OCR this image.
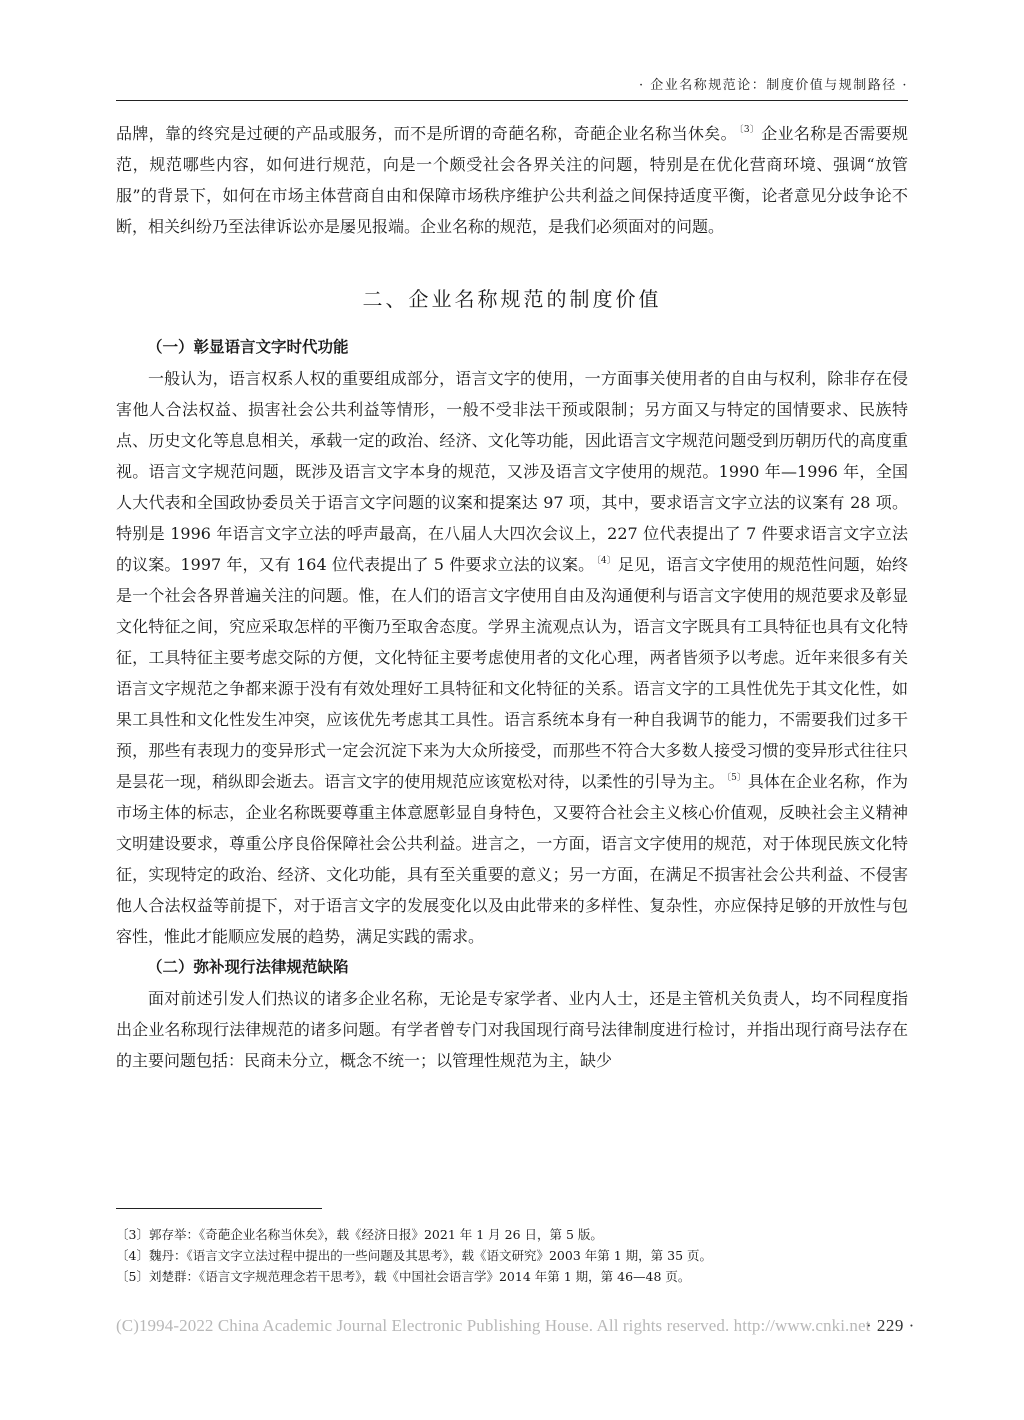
· 企业名称规范论：制度价值与规制路径 ·

品牌，靠的终究是过硬的产品或服务，而不是所谓的奇葩名称，奇葩企业名称当休矣。 $^{〔3〕}$ 企业名称是否需要规范，规范哪些内容，如何进行规范，向是一个颇受社会各界关注的问题，特别是在优化营商环境、强调“放管服”的背景下，如何在市场主体营商自由和保障市场秩序维护公共利益之间保持适度平衡，论者意见分歧争论不断，相关纠纷乃至法律诉讼亦是屡见报端。企业名称的规范，是我们必须面对的问题。

二、企业名称规范的制度价值
（一）彰显语言文字时代功能

一般认为，语言权系人权的重要组成部分，语言文字的使用，一方面事关使用者的自由与权利，除非存在侵害他人合法权益、损害社会公共利益等情形，一般不受非法干预或限制；另方面又与特定的国情要求、民族特点、历史文化等息息相关，承载一定的政治、经济、文化等功能，因此语言文字规范问题受到历朝历代的高度重视。语言文字规范问题，既涉及语言文字本身的规范，又涉及语言文字使用的规范。1990 年—1996 年，全国人大代表和全国政协委员关于语言文字问题的议案和提案达 97 项，其中，要求语言文字立法的议案有 28 项。特别是 1996 年语言文字立法的呼声最高，在八届人大四次会议上，227 位代表提出了 7 件要求语言文字立法的议案。1997 年，又有 164 位代表提出了 5 件要求立法的议案。 $^{〔4〕}$ 足见，语言文字使用的规范性问题，始终是一个社会各界普遍关注的问题。惟，在人们的语言文字使用自由及沟通便利与语言文字使用的规范要求及彰显文化特征之间，究应采取怎样的平衡乃至取舍态度。学界主流观点认为，语言文字既具有工具特征也具有文化特征，工具特征主要考虑交际的方便，文化特征主要考虑使用者的文化心理，两者皆须予以考虑。近年来很多有关语言文字规范之争都来源于没有有效处理好工具特征和文化特征的关系。语言文字的工具性优先于其文化性，如果工具性和文化性发生冲突，应该优先考虑其工具性。语言系统本身有一种自我调节的能力，不需要我们过多干预，那些有表现力的变异形式一定会沉淀下来为大众所接受，而那些不符合大多数人接受习惯的变异形式往往只是昙花一现，稍纵即会逝去。语言文字的使用规范应该宽松对待，以柔性的引导为主。 $^{〔5〕}$ 具体在企业名称，作为市场主体的标志，企业名称既要尊重主体意愿彰显自身特色，又要符合社会主义核心价值观，反映社会主义精神文明建设要求，尊重公序良俗保障社会公共利益。进言之，一方面，语言文字使用的规范，对于体现民族文化特征，实现特定的政治、经济、文化功能，具有至关重要的意义；另一方面，在满足不损害社会公共利益、不侵害他人合法权益等前提下，对于语言文字的发展变化以及由此带来的多样性、复杂性，亦应保持足够的开放性与包容性，惟此才能顺应发展的趋势，满足实践的需求。

（二）弥补现行法律规范缺陷

面对前述引发人们热议的诸多企业名称，无论是专家学者、业内人士，还是主管机关负责人，均不同程度指出企业名称现行法律规范的诸多问题。有学者曾专门对我国现行商号法律制度进行检讨，并指出现行商号法存在的主要问题包括：民商未分立，概念不统一；以管理性规范为主，缺少

〔3〕郭存举：《奇葩企业名称当休矣》，载《经济日报》2021 年 1 月 26 日，第 5 版。

〔4〕魏丹：《语言文字立法过程中提出的一些问题及其思考》，载《语文研究》2003 年第 1 期，第 35 页。

〔5〕刘楚群：《语言文字规范理念若干思考》，载《中国社会语言学》2014 年第 1 期，第 46—48 页。

(C)1994-2022 China Academic Journal Electronic Publishing House. All rights reserved. http://www.cnki.net
· 229 ·
